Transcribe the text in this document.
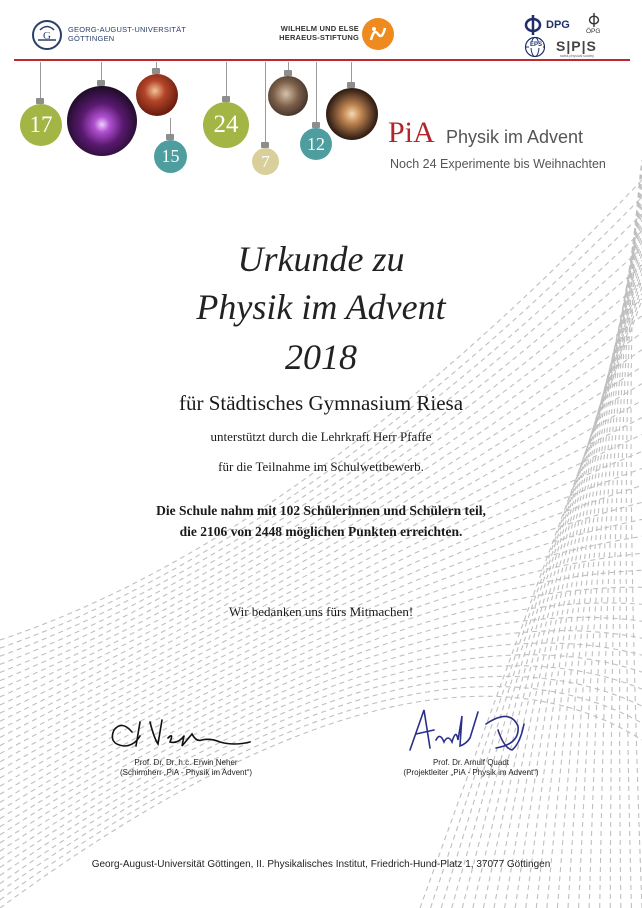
G
GEORG-AUGUST-UNIVERSITÄT
GÖTTINGEN
WILHELM UND ELSE
HERAEUS-STIFTUNG
DPG
ÖPG
EPS S|P|S
swiss physical society
17
15
24
7
12 PiA Physik im Advent
Noch 24 Experimente bis Weihnachten
Urkunde zu
Physik im Advent
2018
für Städtisches Gymnasium Riesa
unterstützt durch die Lehrkraft Herr Pfaffe
für die Teilnahme im Schulwettbewerb.
Die Schule nahm mit 102 Schülerinnen und Schülern teil,
die 2106 von 2448 möglichen Punkten erreichten.
Wir bedanken uns fürs Mitmachen!
Prof. Dr. Dr. h.c. Erwin Neher
(Schirmherr „PiA - Physik im Advent“)
Prof. Dr. Arnulf Quadt
(Projektleiter „PiA - Physik im Advent“)
Georg-August-Universität Göttingen, II. Physikalisches Institut, Friedrich-Hund-Platz 1, 37077 Göttingen
